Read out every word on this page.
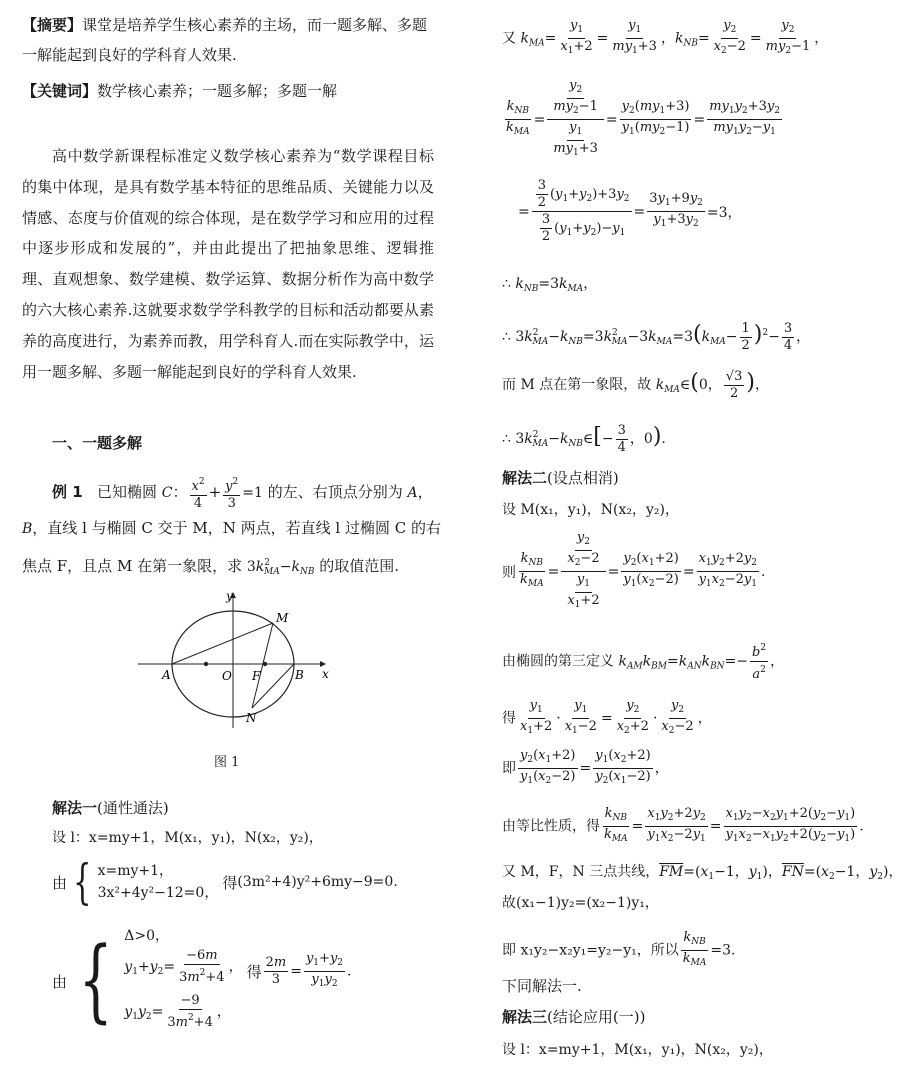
【摘要】课堂是培养学生核心素养的主场，而一题多解、多题一解能起到良好的学科育人效果.
【关键词】数学核心素养；一题多解；多题一解
高中数学新课程标准定义数学核心素养为“数学课程目标的集中体现，是具有数学基本特征的思维品质、关键能力以及情感、态度与价值观的综合体现，是在数学学习和应用的过程中逐步形成和发展的”，并由此提出了把抽象思维、逻辑推理、直观想象、数学建模、数学运算、数据分析作为高中数学的六大核心素养.这就要求数学学科教学的目标和活动都要从素养的高度进行，为素养而教，用学科育人.而在实际教学中，运用一题多解、多题一解能起到良好的学科育人效果.
一、一题多解
例 1 已知椭圆 C： $\frac{x^2}{4} + \frac{y^2}{3} =1$ 的左、右顶点分别为 A，
B，直线 l 与椭圆 C 交于 M，N 两点，若直线 l 过椭圆 C 的右
焦点 F，且点 M 在第一象限，求 $3k^2_{MA}-k_{NB}$ 的取值范围.
y
x
A	B
O F
M
N
图 1
解法一(通性通法)
设 l：x=my+1，M(x₁，y₁)，N(x₂，y₂)，
由 { x=my+1，
3x²+4y²−12=0，
得 (3m²+4)y²+6my−9=0.
由 { Δ>0，
$y_1+y_2= \frac{-6m}{3m^2+4}$ ，
$y_1y_2= \frac{-9}{3m^2+4}$ ，
得 $\frac{2m}{3} = \frac{y_1+y_2}{y_1y_2}$ .
又 $k_{MA}= \frac{y_1}{x_1+2} = \frac{y_1}{my_1+3}$ ，$k_{NB}= \frac{y_2}{x_2-2} = \frac{y_2}{my_2-1}$ ，
$\frac{k_{NB}}{k_{MA}} = \frac{\frac{y_2}{my_2-1}}{\frac{y_1}{my_1+3}} = \frac{y_2(my_1+3)}{y_1(my_2-1)} = \frac{my_1y_2+3y_2}{my_1y_2-y_1}$
= $\frac{\frac{3}{2} (y_1+y_2)+3y_2}{\frac{3}{2} (y_1+y_2)-y_1} = \frac{3y_1+9y_2}{y_1+3y_2} =3$，
∴ $k_{NB}=3k_{MA}$，
∴ $3k^2_{MA}-k_{NB}=3k^2_{MA}-3k_{MA}=3(k_{MA}- \frac{1}{2} )^2- \frac{3}{4}$ ，
而 M 点在第一象限，故 $k_{MA}\in(0$， $\frac{√3}{2}$ )，
∴ $3k^2_{MA}-k_{NB}\in[- \frac{3}{4}$ ，0).
解法二(设点相消)
设 M(x₁，y₁)，N(x₂，y₂)，
则 $\frac{k_{NB}}{k_{MA}} = \frac{\frac{y_2}{x_2-2}}{\frac{y_1}{x_1+2}} = \frac{y_2(x_1+2)}{y_1(x_2-2)} = \frac{x_1y_2+2y_2}{y_1x_2-2y_1}$ .
由椭圆的第三定义 $k_{AM}k_{BM}=k_{AN}k_{BN}=- \frac{b^2}{a^2}$ ，
得 $\frac{y_1}{x_1+2} \cdot \frac{y_1}{x_1-2} = \frac{y_2}{x_2+2} \cdot \frac{y_2}{x_2-2}$ ，
即 $\frac{y_2(x_1+2)}{y_1(x_2-2)} = \frac{y_1(x_2+2)}{y_2(x_1-2)}$ ，
由等比性质，得 $\frac{k_{NB}}{k_{MA}} = \frac{x_1y_2+2y_2}{y_1x_2-2y_1} = \frac{x_1y_2-x_2y_1+2(y_2-y_1)}{y_1x_2-x_1y_2+2(y_2-y_1)}$ .
又 M，F，N 三点共线，$\overline{FM}=(x_1-1$，$y_1$)，$\overline{FN}=(x_2-1$，$y_2$)，
故(x₁−1)y₂=(x₂−1)y₁，
即 x₁y₂−x₂y₁=y₂−y₁，所以 $\frac{k_{NB}}{k_{MA}} =3$.
下同解法一.
解法三(结论应用(一))
设 l：x=my+1，M(x₁，y₁)，N(x₂，y₂)，
